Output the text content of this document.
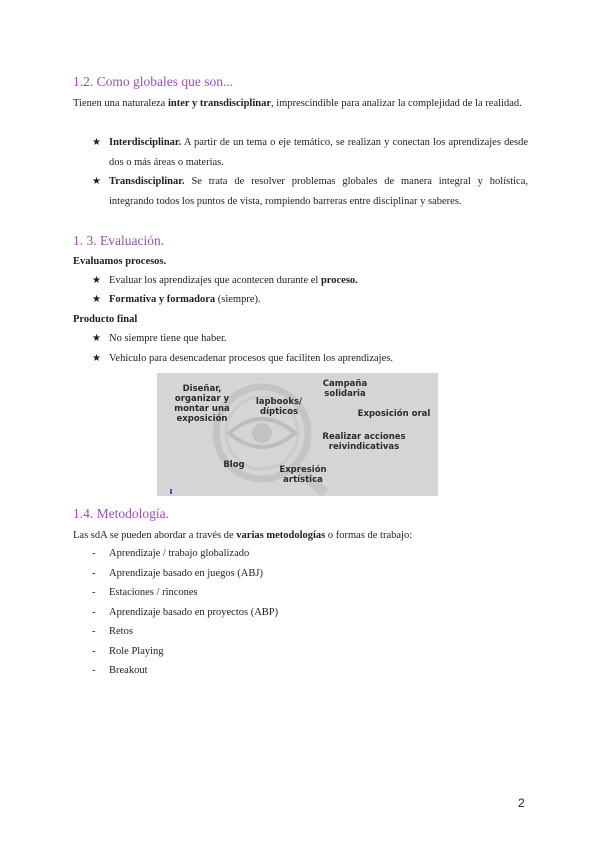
1.2. Como globales que son...
Tienen una naturaleza inter y transdisciplinar, imprescindible para analizar la complejidad de la realidad.
★ Interdisciplinar. A partir de un tema o eje temático, se realizan y conectan los aprendizajes desde dos o más áreas o materias.
★ Transdisciplinar. Se trata de resolver problemas globales de manera integral y holística, integrando todos los puntos de vista, rompiendo barreras entre disciplinar y saberes.
1. 3. Evaluación.
Evaluamos procesos.
★ Evaluar los aprendizajes que acontecen durante el proceso.
★ Formativa y formadora (siempre).
Producto final
★ No siempre tiene que haber.
★ Vehículo para desencadenar procesos que faciliten los aprendizajes.
Diseñar,
organizar y
montar una
exposición
lapbooks/
dípticos
Campaña
solidaria
Exposición oral
Realizar acciones
reivindicativas
Blog	Expresión
artística
1.4. Metodología.
Las sdA se pueden abordar a través de varias metodologías o formas de trabajo:
- Aprendizaje / trabajo globalizado
- Aprendizaje basado en juegos (ABJ)
- Estaciones / rincones
- Aprendizaje basado en proyectos (ABP)
- Retos
- Role Playing
- Breakout
2
